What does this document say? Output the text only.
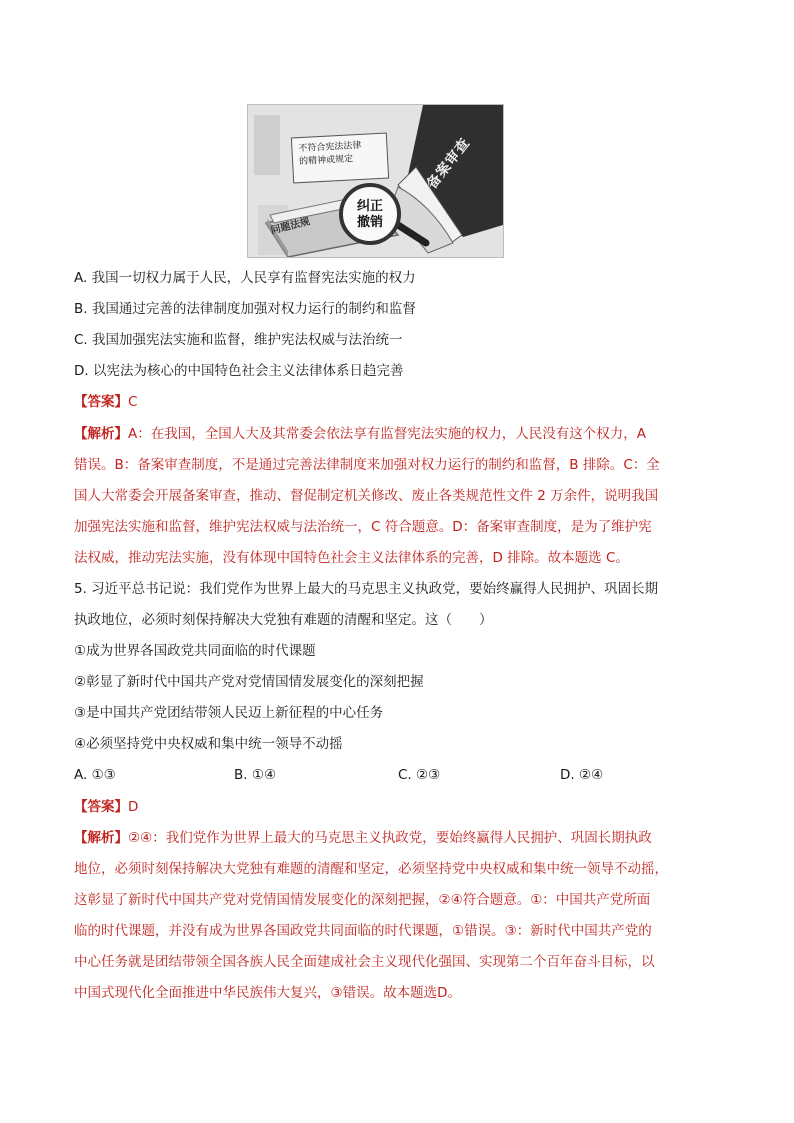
不符合宪法法律
的精神或规定
纠正
撤销
备案审查
问题法规
A. 我国一切权力属于人民，人民享有监督宪法实施的权力
B. 我国通过完善的法律制度加强对权力运行的制约和监督
C. 我国加强宪法实施和监督，维护宪法权威与法治统一
D. 以宪法为核心的中国特色社会主义法律体系日趋完善
【答案】C
【解析】A：在我国，全国人大及其常委会依法享有监督宪法实施的权力，人民没有这个权力，A
错误。B：备案审查制度，不是通过完善法律制度来加强对权力运行的制约和监督，B 排除。C：全
国人大常委会开展备案审查，推动、督促制定机关修改、废止各类规范性文件 2 万余件，说明我国
加强宪法实施和监督，维护宪法权威与法治统一，C 符合题意。D：备案审查制度，是为了维护宪
法权威，推动宪法实施，没有体现中国特色社会主义法律体系的完善，D 排除。故本题选 C。
5. 习近平总书记说：我们党作为世界上最大的马克思主义执政党，要始终赢得人民拥护、巩固长期
执政地位，必须时刻保持解决大党独有难题的清醒和坚定。这（　　）
①成为世界各国政党共同面临的时代课题
②彰显了新时代中国共产党对党情国情发展变化的深刻把握
③是中国共产党团结带领人民迈上新征程的中心任务
④必须坚持党中央权威和集中统一领导不动摇
A. ①③	B. ①④	C. ②③	D. ②④
【答案】D
【解析】②④：我们党作为世界上最大的马克思主义执政党，要始终赢得人民拥护、巩固长期执政
地位，必须时刻保持解决大党独有难题的清醒和坚定，必须坚持党中央权威和集中统一领导不动摇，
这彰显了新时代中国共产党对党情国情发展变化的深刻把握，②④符合题意。①：中国共产党所面
临的时代课题，并没有成为世界各国政党共同面临的时代课题，①错误。③：新时代中国共产党的
中心任务就是团结带领全国各族人民全面建成社会主义现代化强国、实现第二个百年奋斗目标，以
中国式现代化全面推进中华民族伟大复兴，③错误。故本题选D。
